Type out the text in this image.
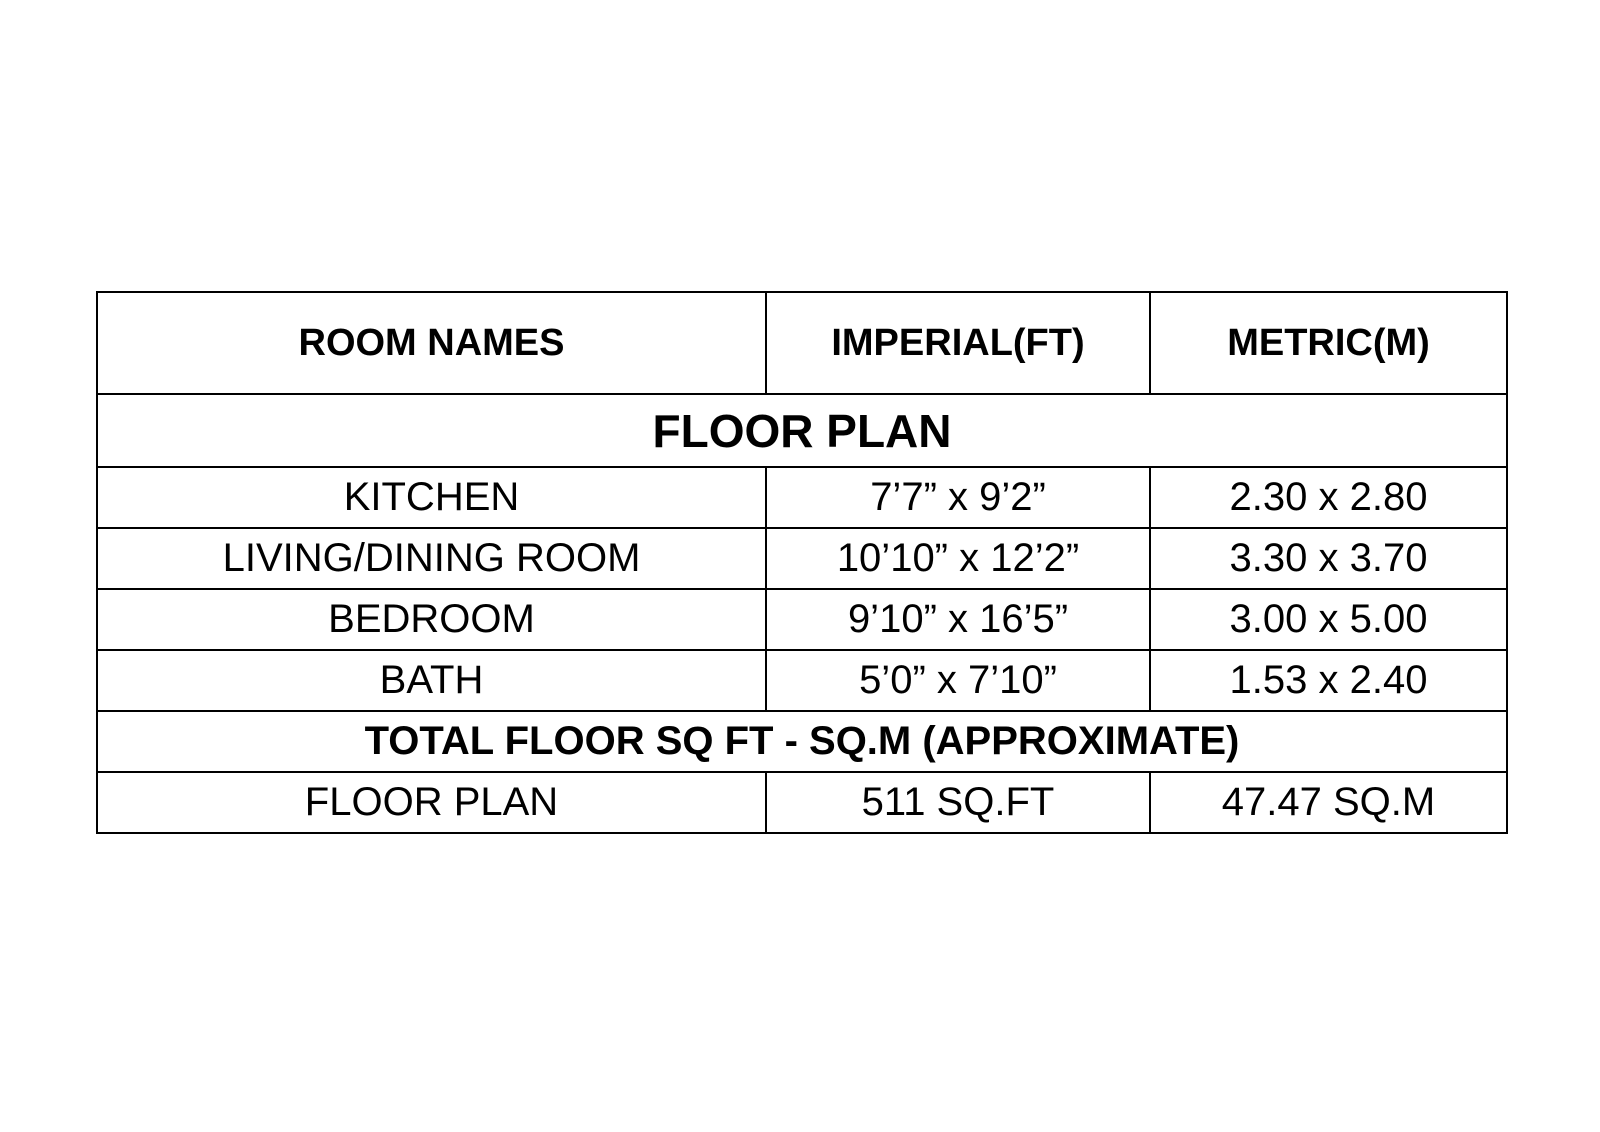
ROOM NAMES	IMPERIAL(FT)	METRIC(M)
FLOOR PLAN		
KITCHEN	7’7” x 9’2”	2.30 x 2.80
LIVING/DINING ROOM	10’10” x 12’2”	3.30 x 3.70
BEDROOM	9’10” x 16’5”	3.00 x 5.00
BATH	5’0” x 7’10”	1.53 x 2.40
TOTAL FLOOR SQ FT - SQ.M (APPROXIMATE)		
FLOOR PLAN	511 SQ.FT	47.47 SQ.M
